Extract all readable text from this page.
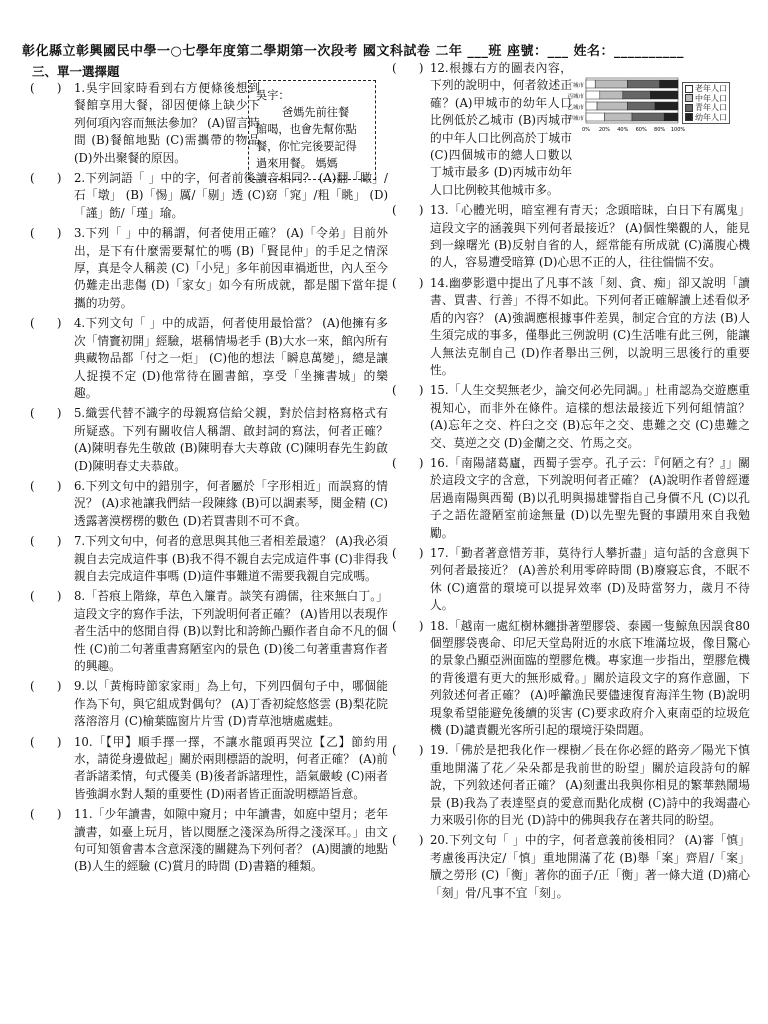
彰化縣立彰興國民中學一○七學年度第二學期第一次段考 國文科試卷 二年 ___班 座號：___ 姓名：__________
三、單一選擇題
(      )	1.吳宇回家時看到右方便條後想到餐館享用大餐，卻因便條上缺少下列何項內容而無法參加？ (A)留言時間 (B)餐館地點 (C)需攜帶的物品 (D)外出聚餐的原因。
(      )	2.下列詞語「 」中的字，何者前後讀音相同？ (A)翻「瞰」/石「墩」 (B)「惕」厲/「剔」透 (C)窈「窕」/粗「眺」 (D)「謹」飭/「瑾」瑜。
(      )	3.下列「 」中的稱謂，何者使用正確？ (A)「令弟」目前外出，是下有什麼需要幫忙的嗎 (B)「賢昆仲」的手足之情深厚，真是令人稱羨 (C)「小兒」多年前因車禍逝世，內人至今仍難走出悲傷 (D)「家女」如今有所成就，都是閣下當年提攜的功勞。
(      )	4.下列文句「 」中的成語，何者使用最恰當？ (A)他擁有多次「情竇初開」經驗，堪稱情場老手 (B)大水一來，館內所有典藏物品都「付之一炬」 (C)他的想法「瞬息萬變」，總是讓人捉摸不定 (D)他常待在圖書館，享受「坐擁書城」的樂趣。
(      )	5.織雲代替不識字的母親寫信給父親，對於信封格寫格式有所疑惑。下列有關收信人稱謂、啟封詞的寫法，何者正確？ (A)陳明春先生敬啟 (B)陳明春大夫尊啟 (C)陳明春先生鈞啟 (D)陳明春丈夫恭啟。
(      )	6.下列文句中的錯別字，何者屬於「字形相近」而誤寫的情況？ (A)求祂讓我們結一段陳緣 (B)可以調素琴，閱金精 (C)透露著漠楞楞的數色 (D)若買書則不可不貪。
(      )	7.下列文句中，何者的意思與其他三者相差最遠？ (A)我必須親自去完成這件事 (B)我不得不親自去完成這件事 (C)非得我親自去完成這件事嗎 (D)這件事難道不需要我親自完成嗎。
(      )	8.「苔痕上階綠，草色入簾青。談笑有鴻儒，往來無白丁。」這段文字的寫作手法，下列說明何者正確？ (A)皆用以表現作者生活中的悠閒自得 (B)以對比和誇飾凸顯作者自命不凡的個性 (C)前二句著重書寫陋室內的景色 (D)後二句著重書寫作者的興趣。
(      )	9.以「黃梅時節家家雨」為上句，下列四個句子中，哪個能作為下句，與它組成對偶句？ (A)丁香初綻悠悠雲 (B)梨花院落溶溶月 (C)榆葉臨窗片片雪 (D)青草池塘處處蛙。
(      )	10.「【甲】順手擇一擇，不讓水龍頭再哭泣【乙】節約用水，請從身邊做起」關於兩則標語的說明，何者正確？ (A)前者訴諸柔情，句式優美 (B)後者訴諸理性，語氣嚴峻 (C)兩者皆強調水對人類的重要性 (D)兩者皆正面說明標語旨意。
(      )	11.「少年讀書，如隙中窺月；中年讀書，如庭中望月；老年讀書，如臺上玩月，皆以閱歷之淺深為所得之淺深耳。」由文句可知領會書本含意深淺的關鍵為下列何者？ (A)閱讀的地點 (B)人生的經驗 (C)賞月的時間 (D)書籍的種類。
(      ) 12.根據右方的圖表內容，下列的說明中，何者敘述正確？(A)甲城市的幼年人口比例低於乙城市 (B)丙城市的中年人口比例高於丁城市 (C)四個城市的總人口數以丁城市最多 (D)丙城市幼年人口比例較其他城市多。
(      ) 13.「心體光明，暗室裡有青天；念頭暗昧，白日下有厲鬼」這段文字的涵義與下列何者最接近？ (A)個性樂觀的人，能見到一線曙光 (B)反射自省的人，經常能有所成就 (C)滿腹心機的人，容易遭受暗算 (D)心思不正的人，往往惴惴不安。
(      ) 14.幽夢影還中提出了凡事不該「刻、貪、痴」卻又說明「讀書、買書、行善」不得不如此。下列何者正確解讀上述看似矛盾的內容？ (A)強調應根據事件差異，制定合宜的方法 (B)人生須完成的事多，僅舉此三例說明 (C)生活唯有此三例，能讓人無法克制自己 (D)作者舉出三例，以說明三思後行的重要性。
(      ) 15.「人生交契無老少，論交何必先同調。」杜甫認為交遊應重視知心，而非外在條件。這樣的想法最接近下列何組情誼？ (A)忘年之交、杵臼之交 (B)忘年之交、患難之交 (C)患難之交、莫逆之交 (D)金蘭之交、竹馬之交。
(      ) 16.「南陽諸葛廬，西蜀子雲亭。孔子云：『何陋之有？』」關於這段文字的含意，下列說明何者正確？ (A)說明作者曾經遷居過南陽與西蜀 (B)以孔明與揚雄譬指自己身價不凡 (C)以孔子之語佐證陋室前途無量 (D)以先聖先賢的事蹟用來自我勉勵。
(      ) 17.「勤者著意惜芳菲，莫待行人攀折盡」這句話的含意與下列何者最接近？ (A)善於利用零碎時間 (B)廢寢忘食，不眠不休 (C)適當的環境可以提昇效率 (D)及時當努力，歲月不待人。
(      ) 18.「越南一處紅樹林纏掛著塑膠袋、泰國一隻鯨魚因誤食80個塑膠袋喪命、印尼天堂島附近的水底下堆滿垃圾，像目驚心的景象凸顯亞洲面臨的塑膠危機。專家進一步指出，塑膠危機的背後還有更大的無形威脅。」關於這段文字的寫作意圖，下列敘述何者正確？ (A)呼籲漁民要儘速復育海洋生物 (B)說明現象希望能避免後續的災害 (C)要求政府介入東南亞的垃圾危機 (D)譴責觀光客所引起的環境汙染問題。
(      ) 19.「佛於是把我化作一棵樹／長在你必經的路旁／陽光下慎重地開滿了花／朵朵都是我前世的盼望」關於這段詩句的解說，下列敘述何者正確？ (A)刻畫出我與你相見的繁華熱鬧場景 (B)我為了表達堅貞的愛意而點化成樹 (C)詩中的我竭盡心力來吸引你的目光 (D)詩中的佛與我存在著共同的盼望。
(      ) 20.下列文句「 」中的字，何者意義前後相同？ (A)審「慎」考慮後再決定/「慎」重地開滿了花 (B)舉「案」齊眉/「案」牘之勞形 (C)「衡」著你的面子/正「衡」著一條大道 (D)痛心「刻」骨/凡事不宜「刻」。
吳宇：
爸媽先前往餐
館喝，也會先幫你點
餐，你忙完後要記得
過來用餐。 媽媽
丁城市
丙城市
乙城市
甲城市
0% 20% 40% 60% 80% 100%
老年人口
中年人口
青年人口
幼年人口
